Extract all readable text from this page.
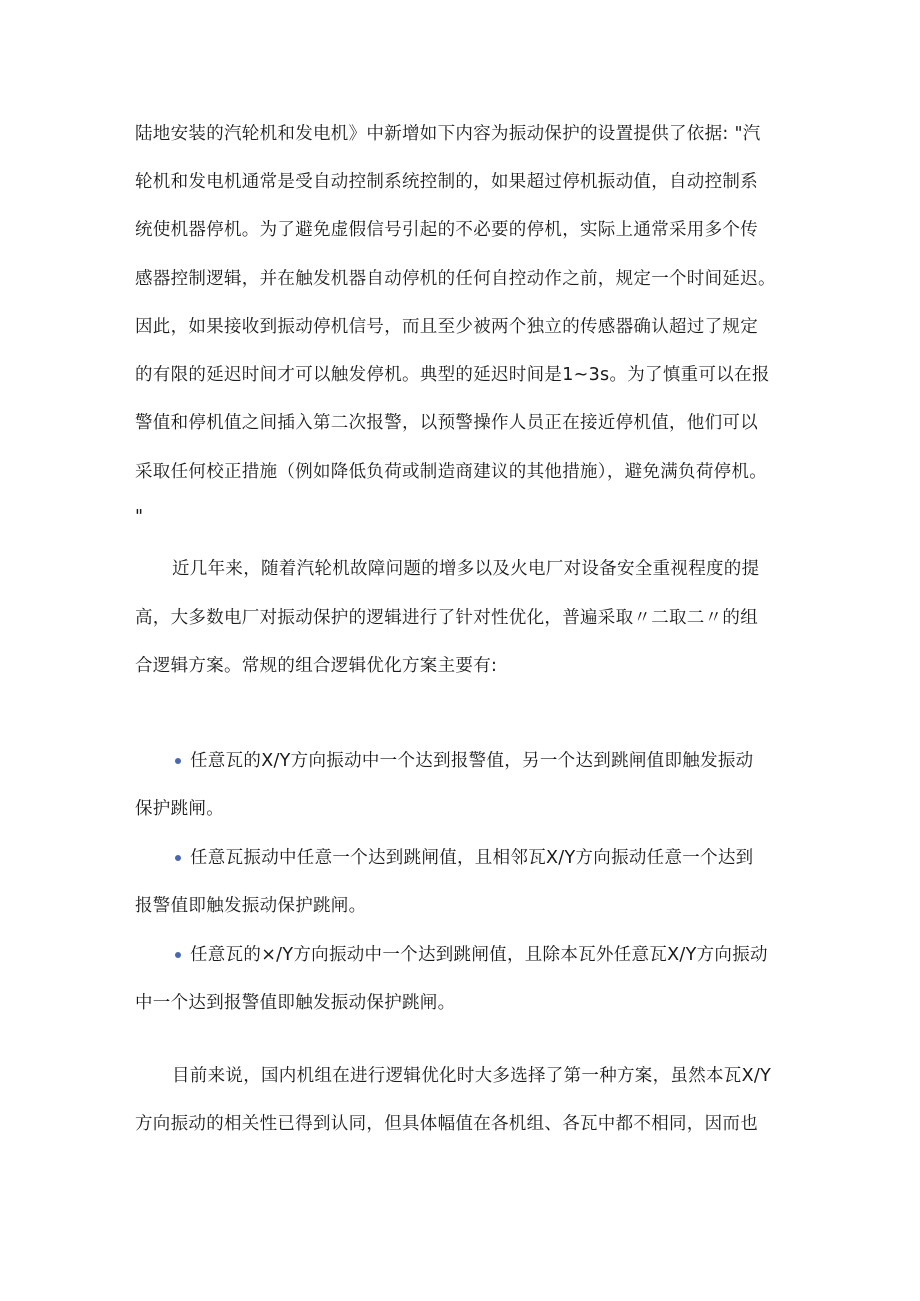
陆地安装的汽轮机和发电机》中新增如下内容为振动保护的设置提供了依据: "汽
轮机和发电机通常是受自动控制系统控制的，如果超过停机振动值，自动控制系
统使机器停机。为了避免虚假信号引起的不必要的停机，实际上通常采用多个传
感器控制逻辑，并在触发机器自动停机的任何自控动作之前，规定一个时间延迟。
因此，如果接收到振动停机信号，而且至少被两个独立的传感器确认超过了规定
的有限的延迟时间才可以触发停机。典型的延迟时间是1~3s。为了慎重可以在报
警值和停机值之间插入第二次报警，以预警操作人员正在接近停机值，他们可以
采取任何校正措施（例如降低负荷或制造商建议的其他措施），避免满负荷停机。
"
近几年来，随着汽轮机故障问题的增多以及火电厂对设备安全重视程度的提
高，大多数电厂对振动保护的逻辑进行了针对性优化，普遍采取〃二取二〃的组
合逻辑方案。常规的组合逻辑优化方案主要有:
任意瓦的X/Y方向振动中一个达到报警值，另一个达到跳闸值即触发振动
保护跳闸。
任意瓦振动中任意一个达到跳闸值，且相邻瓦X/Y方向振动任意一个达到
报警值即触发振动保护跳闸。
任意瓦的×/Y方向振动中一个达到跳闸值，且除本瓦外任意瓦X/Y方向振动
中一个达到报警值即触发振动保护跳闸。
目前来说，国内机组在进行逻辑优化时大多选择了第一种方案，虽然本瓦X/Y
方向振动的相关性已得到认同，但具体幅值在各机组、各瓦中都不相同，因而也
